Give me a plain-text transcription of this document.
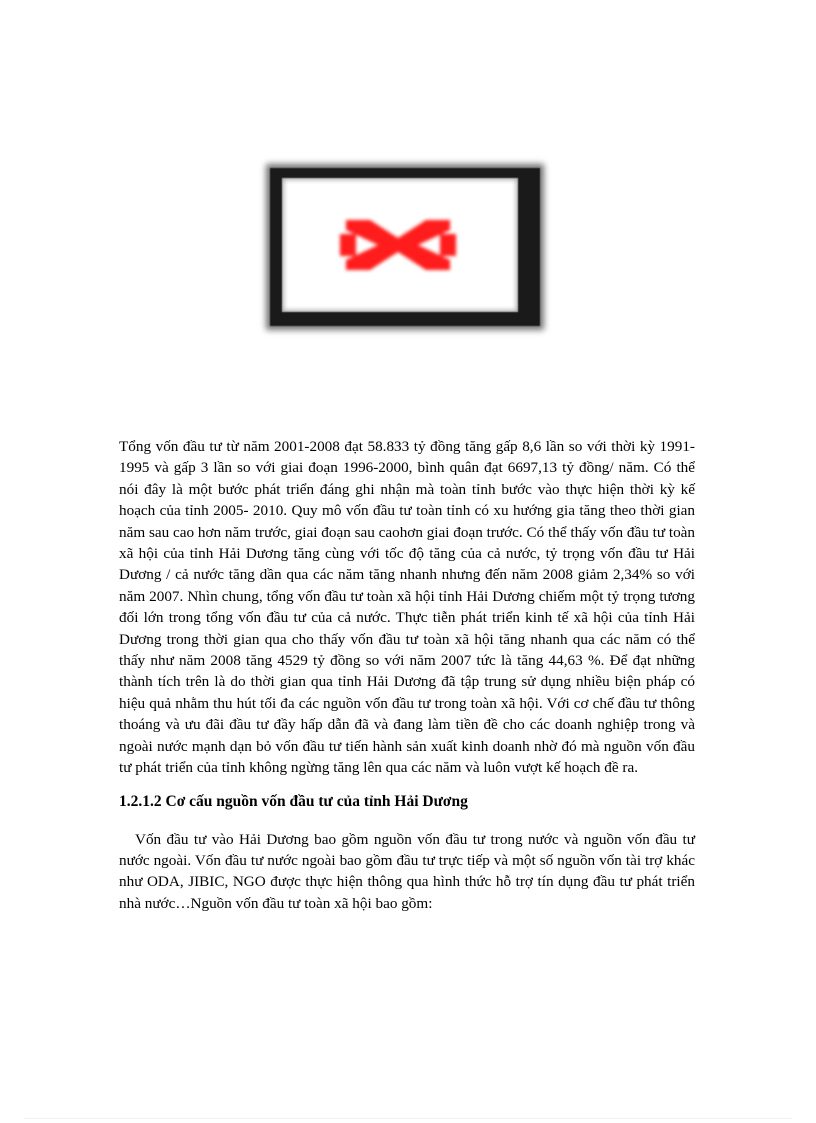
Tổng vốn đầu tư từ năm 2001-2008 đạt 58.833 tỷ đồng tăng gấp 8,6 lần so với thời kỳ 1991-1995 và gấp 3 lần so với giai đoạn 1996-2000, bình quân đạt 6697,13 tỷ đồng/ năm. Có thể nói đây là một bước phát triển đáng ghi nhận mà toàn tỉnh bước vào thực hiện thời kỳ kế hoạch của tỉnh 2005- 2010. Quy mô vốn đầu tư toàn tỉnh có xu hướng gia tăng theo thời gian năm sau cao hơn năm trước, giai đoạn sau caohơn giai đoạn trước. Có thể thấy vốn đầu tư toàn xã hội của tỉnh Hải Dương tăng cùng với tốc độ tăng của cả nước, tỷ trọng vốn đầu tư Hải Dương / cả nước tăng dần qua các năm tăng nhanh nhưng đến năm 2008 giảm 2,34% so với năm 2007. Nhìn chung, tổng vốn đầu tư toàn xã hội tỉnh Hải Dương chiếm một tỷ trọng tương đối lớn trong tổng vốn đầu tư của cả nước. Thực tiễn phát triển kinh tế xã hội của tỉnh Hải Dương trong thời gian qua cho thấy vốn đầu tư toàn xã hội tăng nhanh qua các năm có thể thấy như năm 2008 tăng 4529 tỷ đồng so với năm 2007 tức là tăng 44,63 %. Để đạt những thành tích trên là do thời gian qua tỉnh Hải Dương đã tập trung sử dụng nhiều biện pháp có hiệu quả nhằm thu hút tối đa các nguồn vốn đầu tư trong toàn xã hội. Với cơ chế đầu tư thông thoáng và ưu đãi đầu tư đầy hấp dẫn đã và đang làm tiền đề cho các doanh nghiệp trong và ngoài nước mạnh dạn bỏ vốn đầu tư tiến hành sản xuất kinh doanh nhờ đó mà nguồn vốn đầu tư phát triển của tỉnh không ngừng tăng lên qua các năm và luôn vượt kế hoạch đề ra.

1.2.1.2 Cơ cấu nguồn vốn đầu tư của tỉnh Hải Dương

Vốn đầu tư vào Hải Dương bao gồm nguồn vốn đầu tư trong nước và nguồn vốn đầu tư nước ngoài. Vốn đầu tư nước ngoài bao gồm đầu tư trực tiếp và một số nguồn vốn tài trợ khác như ODA, JIBIC, NGO được thực hiện thông qua hình thức hỗ trợ tín dụng đầu tư phát triển nhà nước…Nguồn vốn đầu tư toàn xã hội bao gồm:
